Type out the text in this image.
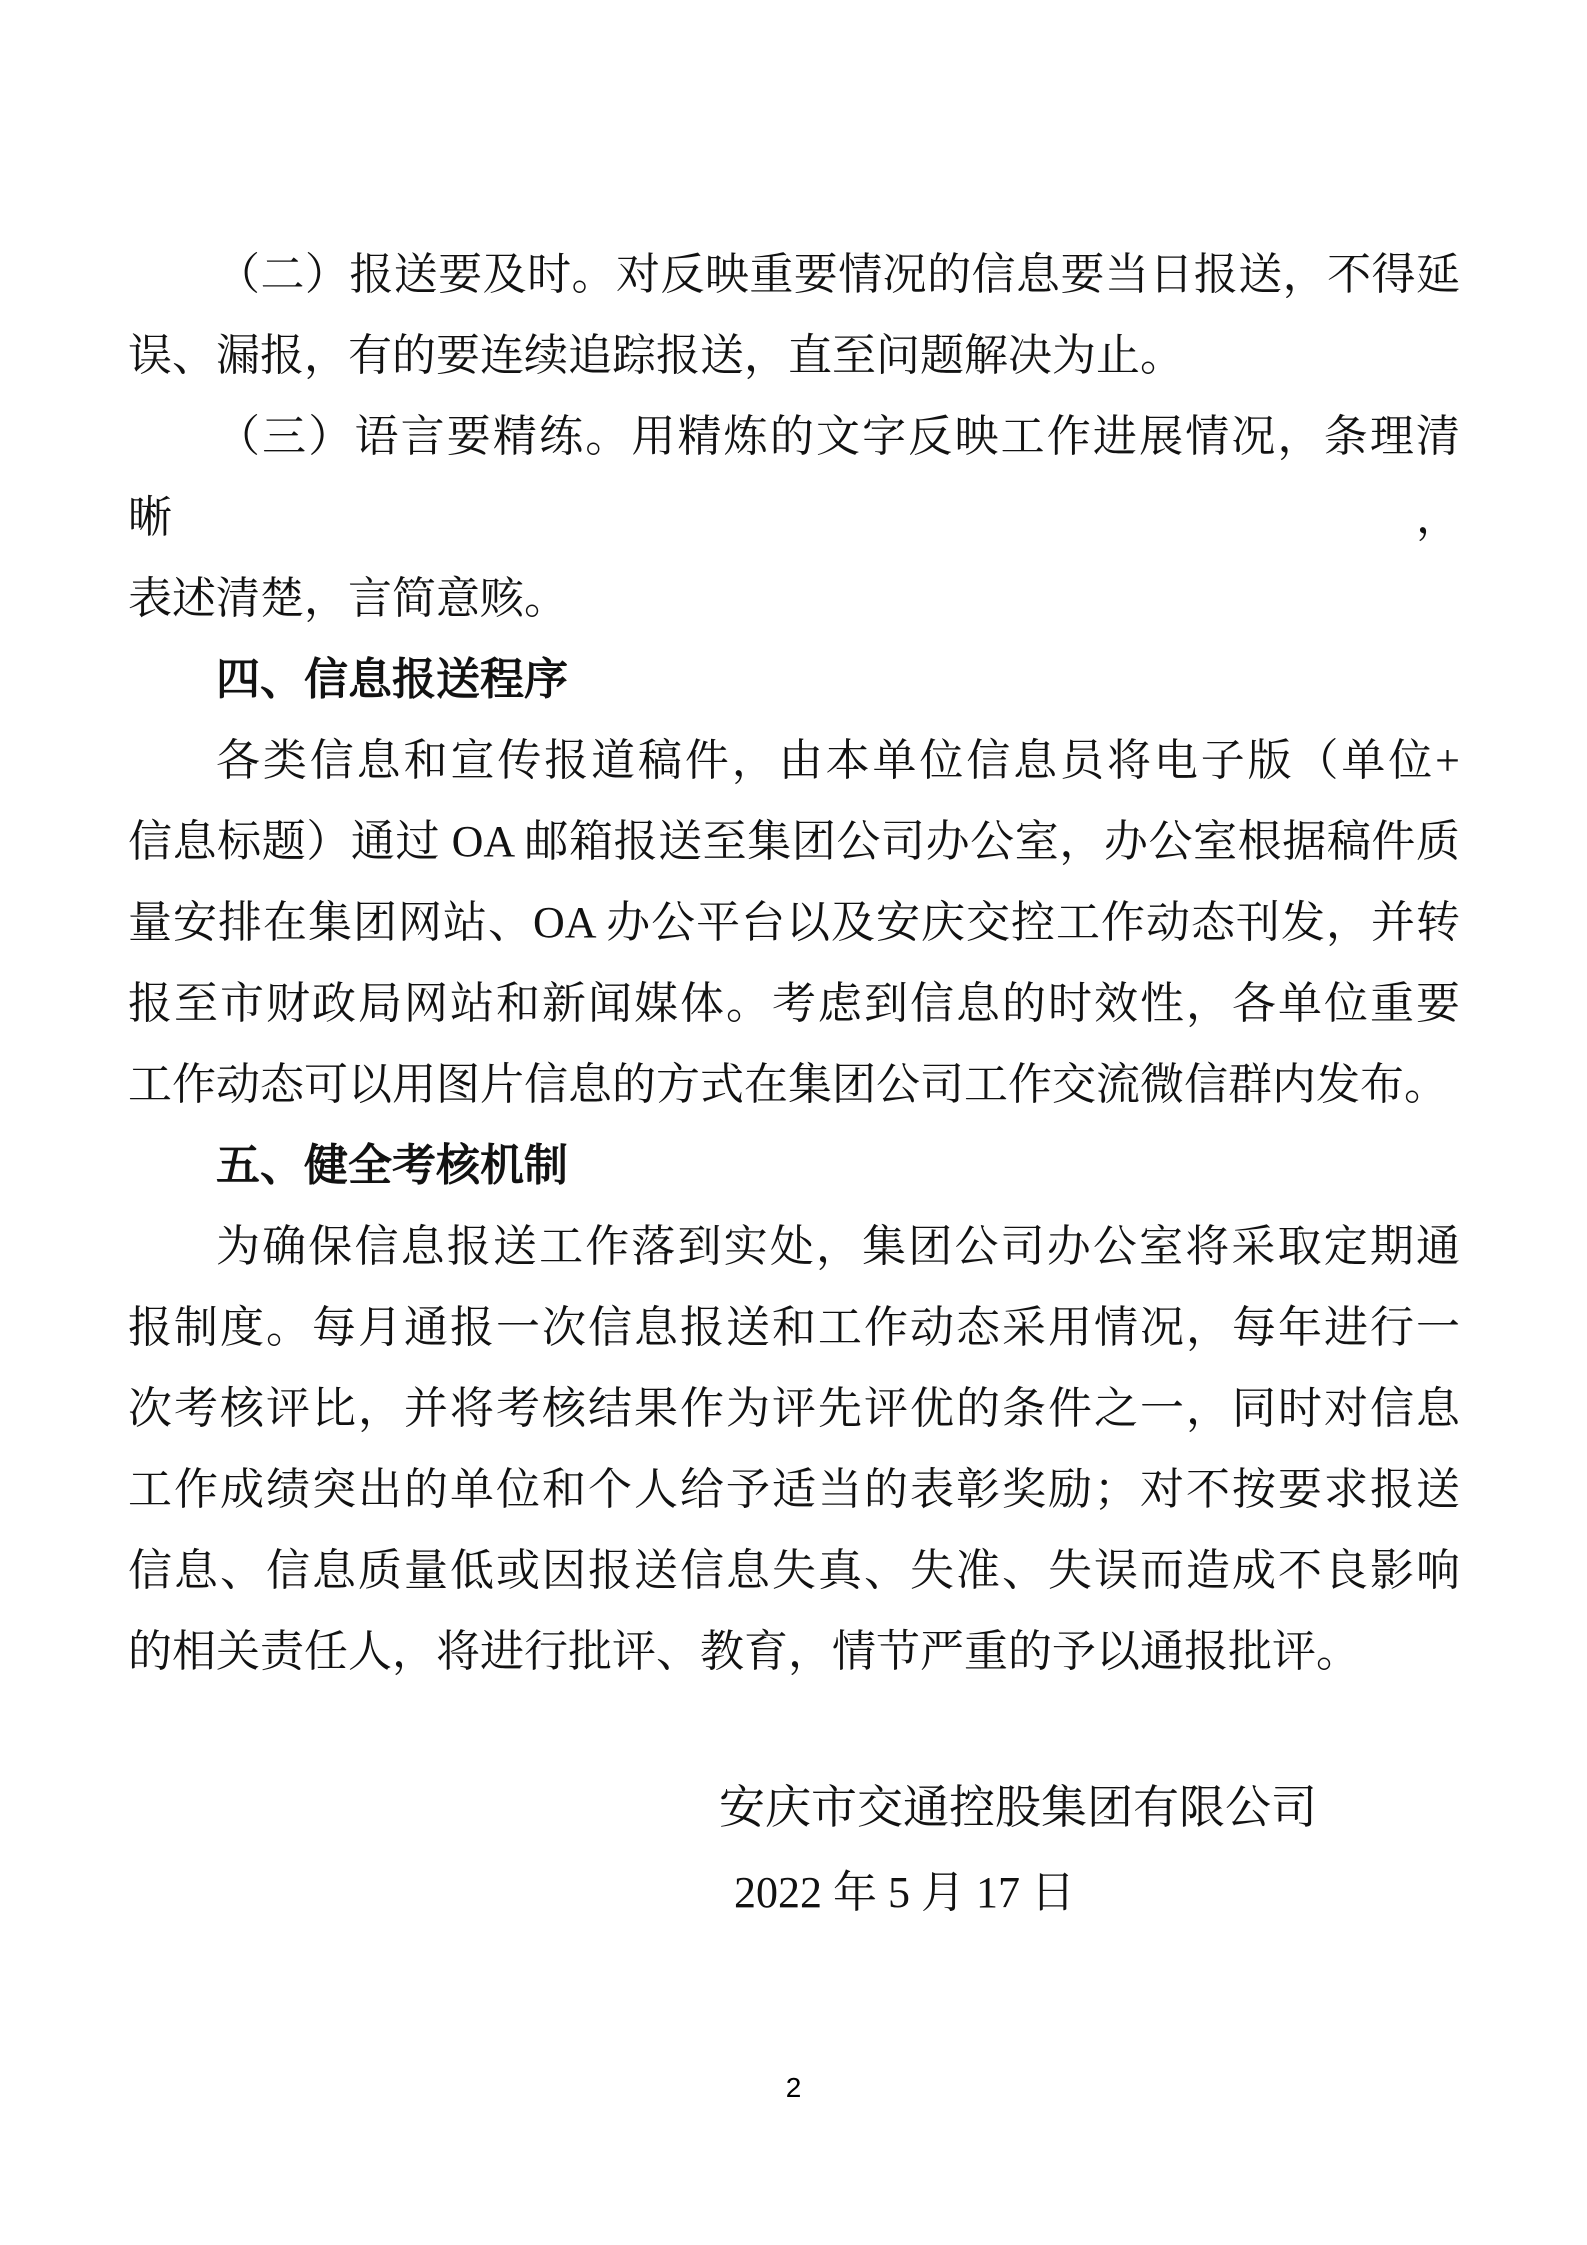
（二）报送要及时。对反映重要情况的信息要当日报送，不得延
误、漏报，有的要连续追踪报送，直至问题解决为止。
（三）语言要精练。用精炼的文字反映工作进展情况，条理清晰，
表述清楚，言简意赅。
四、信息报送程序
各类信息和宣传报道稿件，由本单位信息员将电子版（单位+
信息标题）通过 OA 邮箱报送至集团公司办公室，办公室根据稿件质
量安排在集团网站、OA 办公平台以及安庆交控工作动态刊发，并转
报至市财政局网站和新闻媒体。考虑到信息的时效性，各单位重要
工作动态可以用图片信息的方式在集团公司工作交流微信群内发布。
五、健全考核机制
为确保信息报送工作落到实处，集团公司办公室将采取定期通
报制度。每月通报一次信息报送和工作动态采用情况，每年进行一
次考核评比，并将考核结果作为评先评优的条件之一，同时对信息
工作成绩突出的单位和个人给予适当的表彰奖励；对不按要求报送
信息、信息质量低或因报送信息失真、失准、失误而造成不良影响
的相关责任人，将进行批评、教育，情节严重的予以通报批评。
安庆市交通控股集团有限公司
2022 年 5 月 17 日
2
